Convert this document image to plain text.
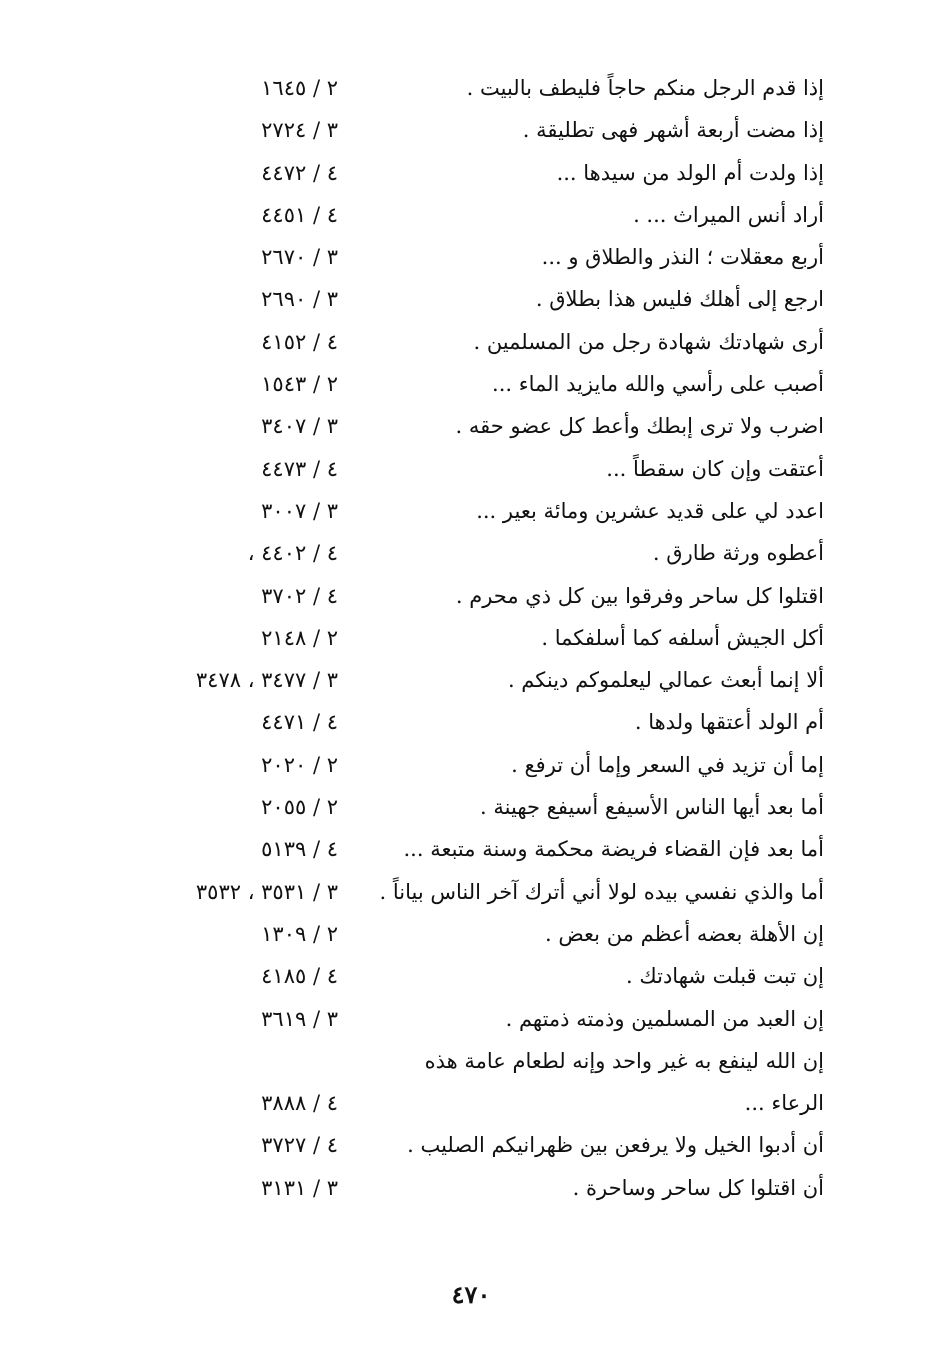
إذا قدم الرجل منكم حاجاً فليطف بالبيت .
٢ / ١٦٤٥
إذا مضت أربعة أشهر فهى تطليقة .
٣ / ٢٧٢٤
إذا ولدت أم الولد من سيدها ...
٤ / ٤٤٧٢
أراد أنس الميراث ... .
٤ / ٤٤٥١
أربع معقلات ؛ النذر والطلاق و ...
٣ / ٢٦٧٠
ارجع إلى أهلك فليس هذا بطلاق .
٣ / ٢٦٩٠
أرى شهادتك شهادة رجل من المسلمين .
٤ / ٤١٥٢
أصبب على رأسي والله مايزيد الماء ...
٢ / ١٥٤٣
اضرب ولا ترى إبطك وأعط كل عضو حقه .
٣ / ٣٤٠٧
أعتقت وإن كان سقطاً ...
٤ / ٤٤٧٣
اعدد لي على قديد عشرين ومائة بعير ...
٣ / ٣٠٠٧
أعطوه ورثة طارق .
٤ / ٤٤٠٢ ،
اقتلوا كل ساحر وفرقوا بين كل ذي محرم .
٤ / ٣٧٠٢
أكل الجيش أسلفه كما أسلفكما .
٢ / ٢١٤٨
ألا إنما أبعث عمالي ليعلموكم دينكم .
٣ / ٣٤٧٧ ، ٣٤٧٨
أم الولد أعتقها ولدها .
٤ / ٤٤٧١
إما أن تزيد في السعر وإما أن ترفع .
٢ / ٢٠٢٠
أما بعد أيها الناس الأسيفع أسيفع جهينة .
٢ / ٢٠٥٥
أما بعد فإن القضاء فريضة محكمة وسنة متبعة ...
٤ / ٥١٣٩
أما والذي نفسي بيده لولا أني أترك آخر الناس بياناً .
٣ / ٣٥٣١ ، ٣٥٣٢
إن الأهلة بعضه أعظم من بعض .
٢ / ١٣٠٩
إن تبت قبلت شهادتك .
٤ / ٤١٨٥
إن العبد من المسلمين وذمته ذمتهم .
٣ / ٣٦١٩
إن الله لينفع به غير واحد وإنه لطعام عامة هذه
الرعاء ...
٤ / ٣٨٨٨
أن أدبوا الخيل ولا يرفعن بين ظهرانيكم الصليب .
٤ / ٣٧٢٧
أن اقتلوا كل ساحر وساحرة .
٣ / ٣١٣١
٤٧٠
